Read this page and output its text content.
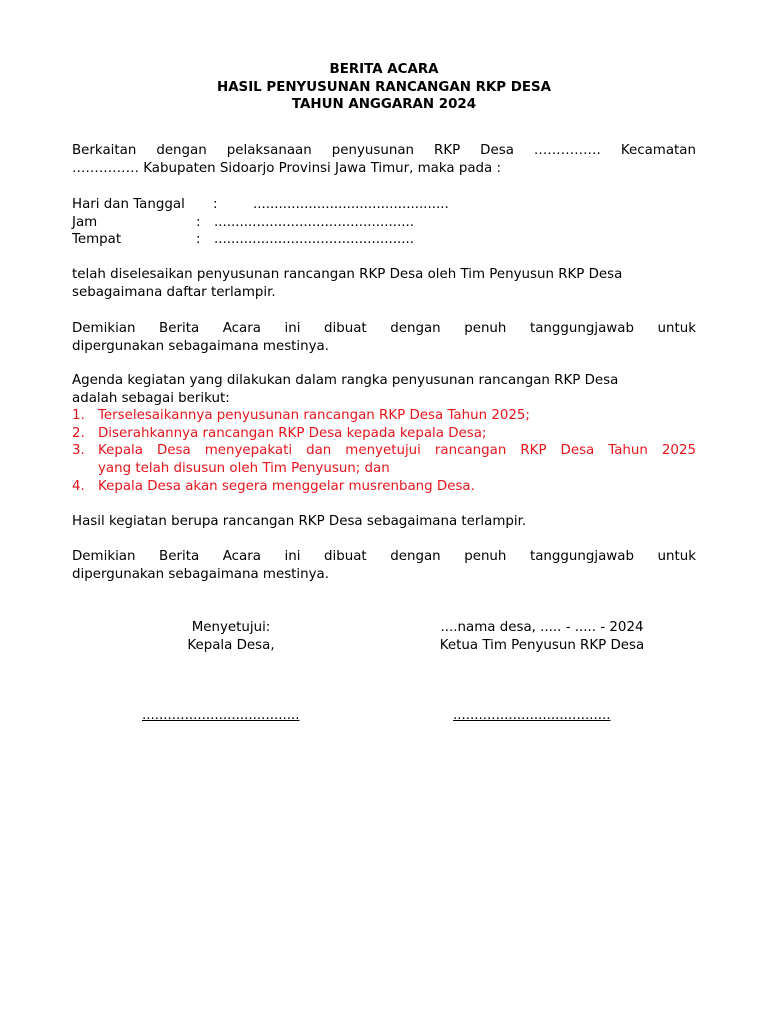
BERITA ACARA
HASIL PENYUSUNAN RANCANGAN RKP DESA
TAHUN ANGGARAN 2024
Berkaitan dengan pelaksanaan penyusunan RKP Desa …………… Kecamatan
…………… Kabupaten Sidoarjo Provinsi Jawa Timur, maka pada :
Hari dan Tanggal :	..............................................
Jam	: ...............................................
Tempat	: ...............................................
telah diselesaikan penyusunan rancangan RKP Desa oleh Tim Penyusun RKP Desa
sebagaimana daftar terlampir.
Demikian Berita Acara ini dibuat dengan penuh tanggungjawab untuk
dipergunakan sebagaimana mestinya.
Agenda kegiatan yang dilakukan dalam rangka penyusunan rancangan RKP Desa
adalah sebagai berikut:
1. Terselesaikannya penyusunan rancangan RKP Desa Tahun 2025;
2. Diserahkannya rancangan RKP Desa kepada kepala Desa;
3. Kepala Desa menyepakati dan menyetujui rancangan RKP Desa Tahun 2025
yang telah disusun oleh Tim Penyusun; dan
4. Kepala Desa akan segera menggelar musrenbang Desa.
Hasil kegiatan berupa rancangan RKP Desa sebagaimana terlampir.
Demikian Berita Acara ini dibuat dengan penuh tanggungjawab untuk
dipergunakan sebagaimana mestinya.
Menyetujui:
Kepala Desa,
....nama desa, ..... - ..... - 2024
Ketua Tim Penyusun RKP Desa
.....................................	.....................................
